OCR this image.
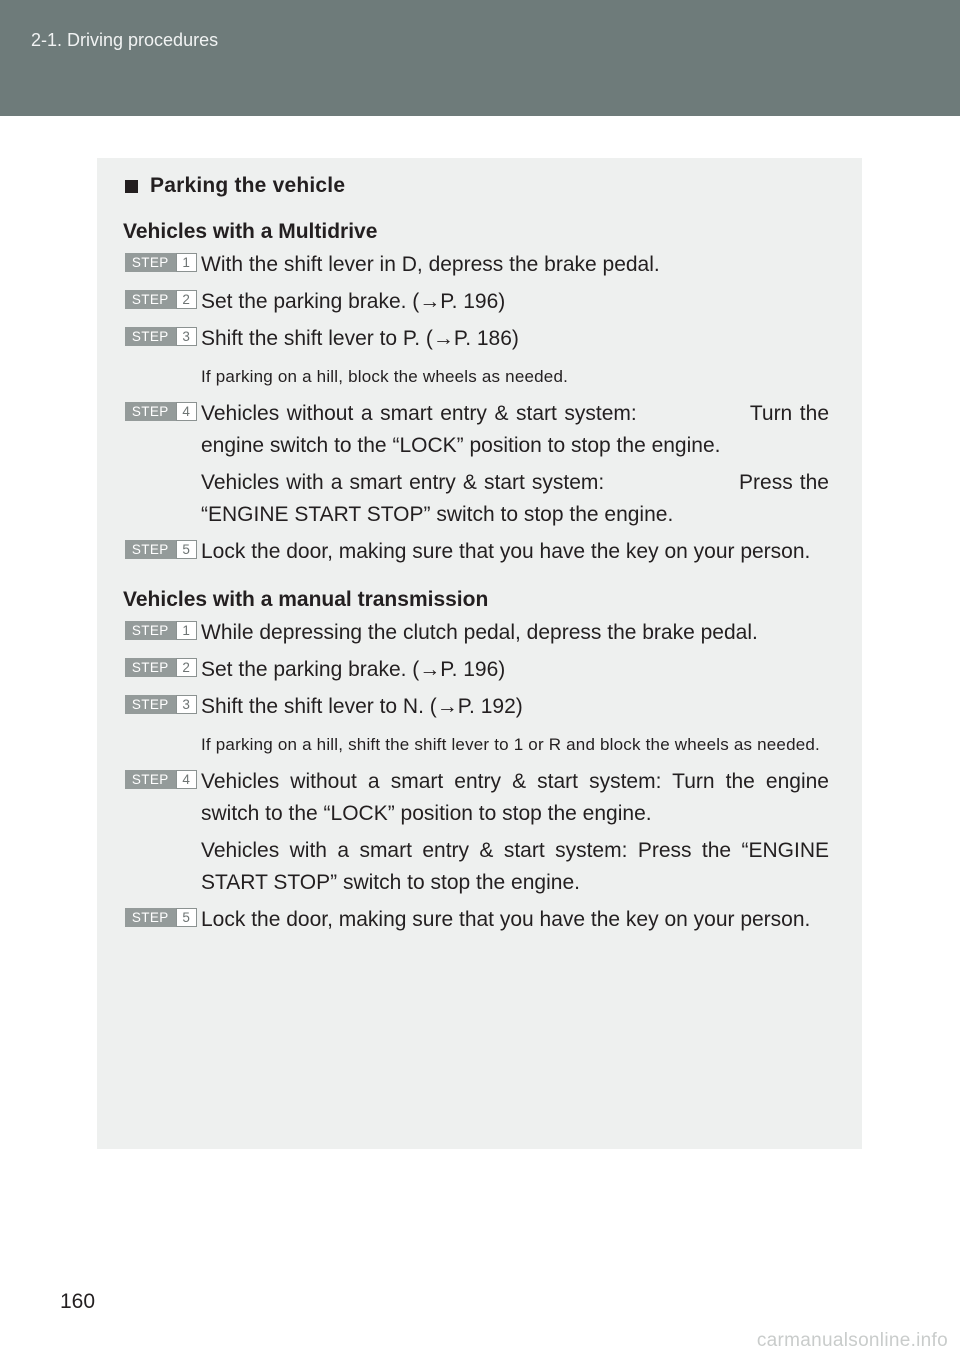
2-1. Driving procedures
Parking the vehicle
Vehicles with a Multidrive
STEP	1 With the shift lever in D, depress the brake pedal.
STEP	2 Set the parking brake. (→P. 196)
STEP	3 Shift the shift lever to P. (→P. 186)
If parking on a hill, block the wheels as needed.
STEP	4 Vehicles without a smart entry & start system:               Turn the engine switch to the “LOCK” position to stop the engine.
Vehicles with a smart entry & start system:                   Press the “ENGINE START STOP” switch to stop the engine.
STEP	5 Lock the door, making sure that you have the key on your person.
Vehicles with a manual transmission
STEP	1 While depressing the clutch pedal, depress the brake pedal.
STEP	2 Set the parking brake. (→P. 196)
STEP	3 Shift the shift lever to N. (→P. 192)
If parking on a hill, shift the shift lever to 1 or R and block the wheels as needed.
STEP	4 Vehicles without a smart entry & start system: Turn the engine switch to the “LOCK” position to stop the engine.
Vehicles with a smart entry & start system: Press the “ENGINE START STOP” switch to stop the engine.
STEP	5 Lock the door, making sure that you have the key on your person.
160
carmanualsonline.info
